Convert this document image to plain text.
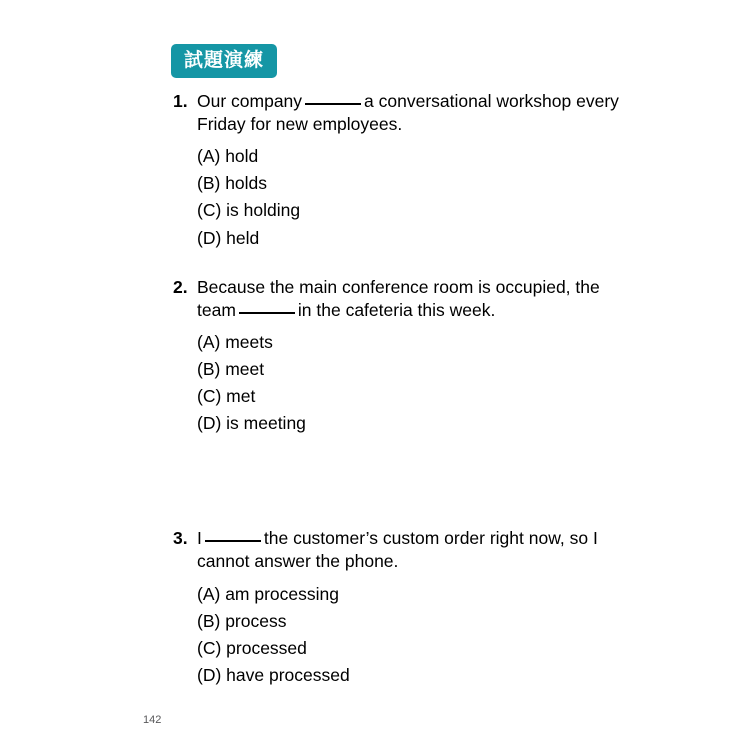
試題演練
1. Our company	a conversational workshop every Friday for new employees.
(A) hold
(B) holds
(C) is holding
(D) held
2. Because the main conference room is occupied, the team	in the cafeteria this week.
(A) meets
(B) meet
(C) met
(D) is meeting
3. I	the customer’s custom order right now, so I cannot answer the phone.
(A) am processing
(B) process
(C) processed
(D) have processed
142
